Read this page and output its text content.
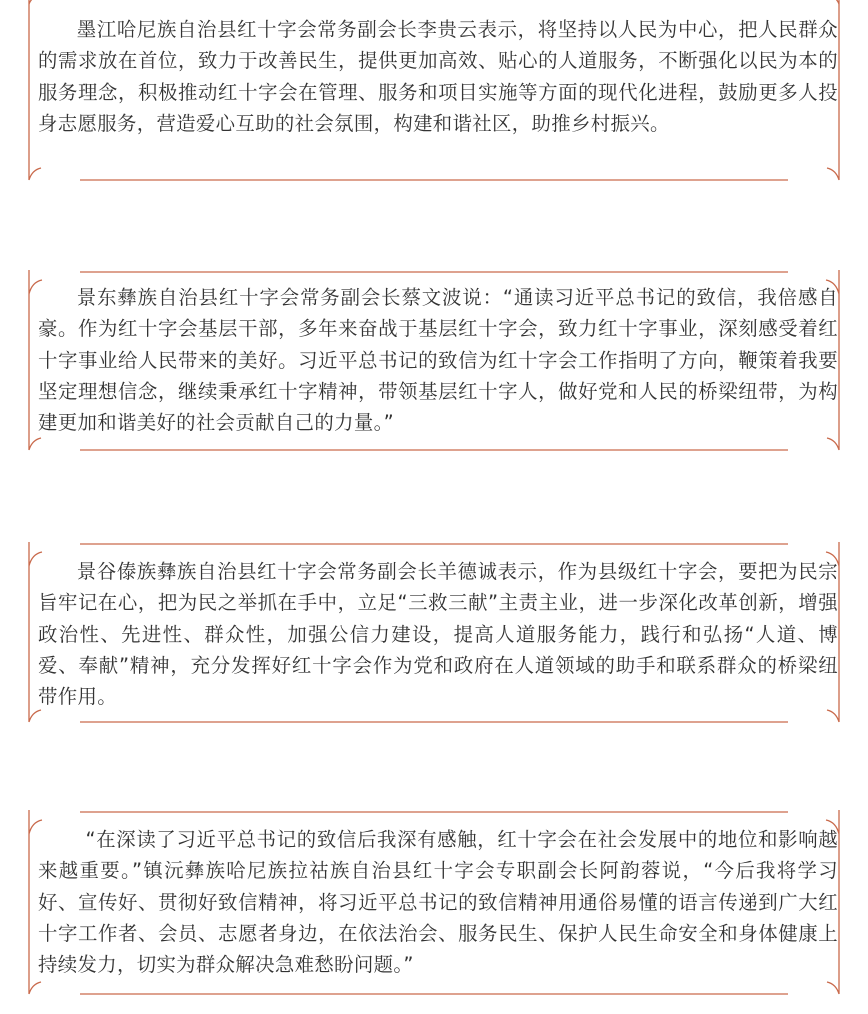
墨江哈尼族自治县红十字会常务副会长李贵云表示，将坚持以人民为中心，把人民群众的需求放在首位，致力于改善民生，提供更加高效、贴心的人道服务，不断强化以民为本的服务理念，积极推动红十字会在管理、服务和项目实施等方面的现代化进程，鼓励更多人投身志愿服务，营造爱心互助的社会氛围，构建和谐社区，助推乡村振兴。

景东彝族自治县红十字会常务副会长蔡文波说：“通读习近平总书记的致信，我倍感自豪。作为红十字会基层干部，多年来奋战于基层红十字会，致力红十字事业，深刻感受着红十字事业给人民带来的美好。习近平总书记的致信为红十字会工作指明了方向，鞭策着我要坚定理想信念，继续秉承红十字精神，带领基层红十字人，做好党和人民的桥梁纽带，为构建更加和谐美好的社会贡献自己的力量。”

景谷傣族彝族自治县红十字会常务副会长羊德诚表示，作为县级红十字会，要把为民宗旨牢记在心，把为民之举抓在手中，立足“三救三献”主责主业，进一步深化改革创新，增强政治性、先进性、群众性，加强公信力建设，提高人道服务能力，践行和弘扬“人道、博爱、奉献”精神，充分发挥好红十字会作为党和政府在人道领域的助手和联系群众的桥梁纽带作用。

“在深读了习近平总书记的致信后我深有感触，红十字会在社会发展中的地位和影响越来越重要。”镇沅彝族哈尼族拉祜族自治县红十字会专职副会长阿韵蓉说，“今后我将学习好、宣传好、贯彻好致信精神，将习近平总书记的致信精神用通俗易懂的语言传递到广大红十字工作者、会员、志愿者身边，在依法治会、服务民生、保护人民生命安全和身体健康上持续发力，切实为群众解决急难愁盼问题。”
